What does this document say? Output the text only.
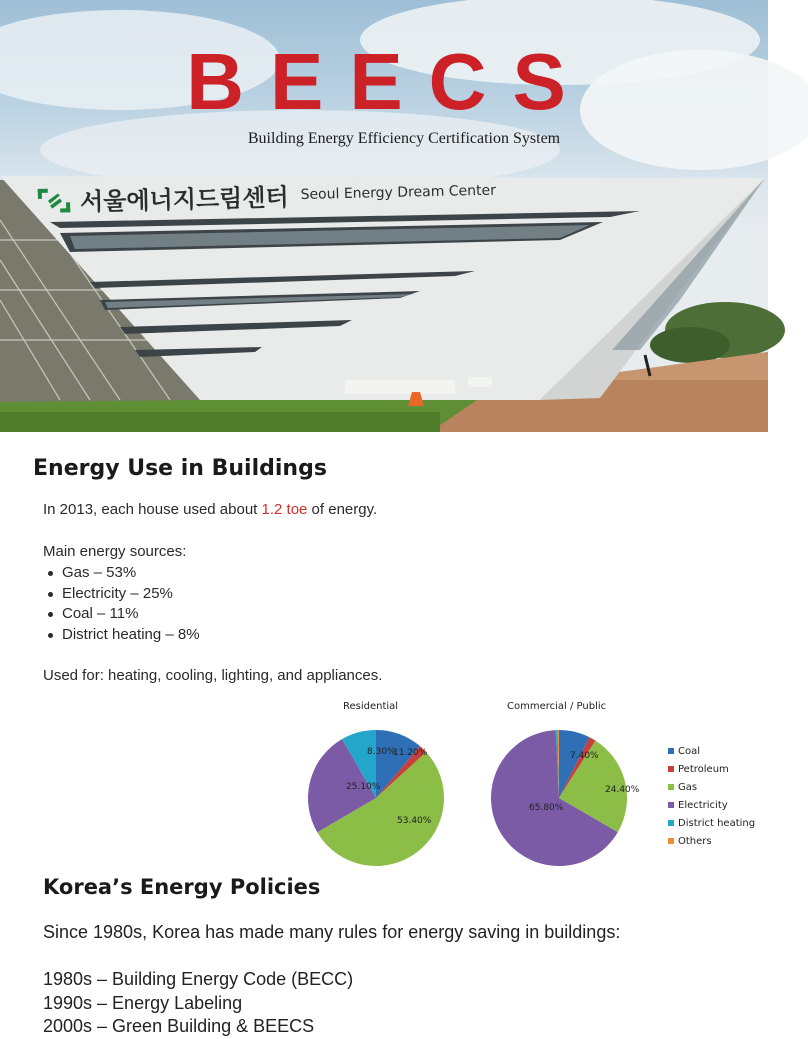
BEECS
Building Energy Efficiency Certification System
서울에너지드림센터 Seoul Energy Dream Center
Energy Use in Buildings
In 2013, each house used about 1.2 toe of energy.
Main energy sources:
Gas – 53%
Electricity – 25%
Coal – 11%
District heating – 8%
Used for: heating, cooling, lighting, and appliances.
Residential	Commercial / Public
11.20%
53.40%
25.10%
8.30%	7.40%
24.40%
65.80%
Coal
Petroleum
Gas
Electricity
District heating
Others
Korea’s Energy Policies
Since 1980s, Korea has made many rules for energy saving in buildings:
1980s – Building Energy Code (BECC)
1990s – Energy Labeling
2000s – Green Building & BEECS
